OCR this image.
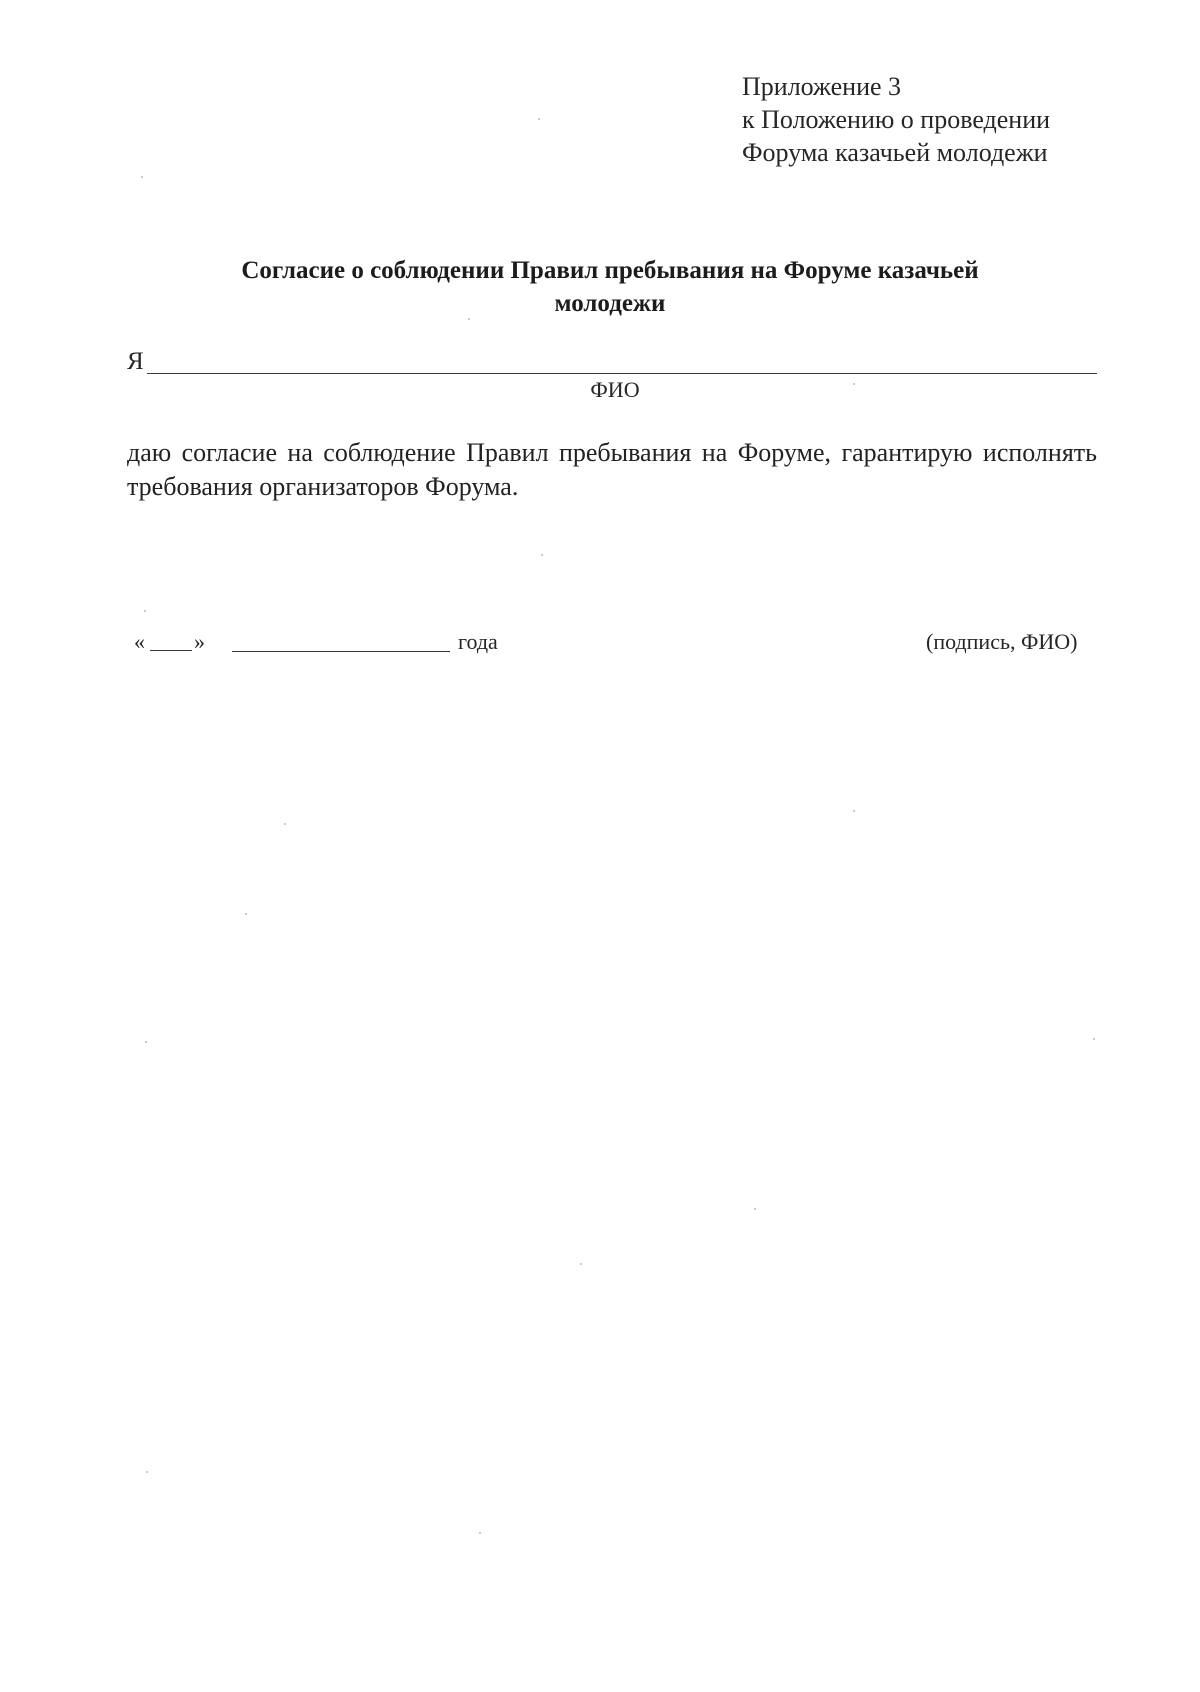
Приложение 3
к Положению о проведении
Форума казачьей молодежи
Согласие о соблюдении Правил пребывания на Форуме казачьей
молодежи
Я
ФИО
даю согласие на соблюдение Правил пребывания на Форуме, гарантирую исполнять требования организаторов Форума.
« »	года	(подпись, ФИО)
